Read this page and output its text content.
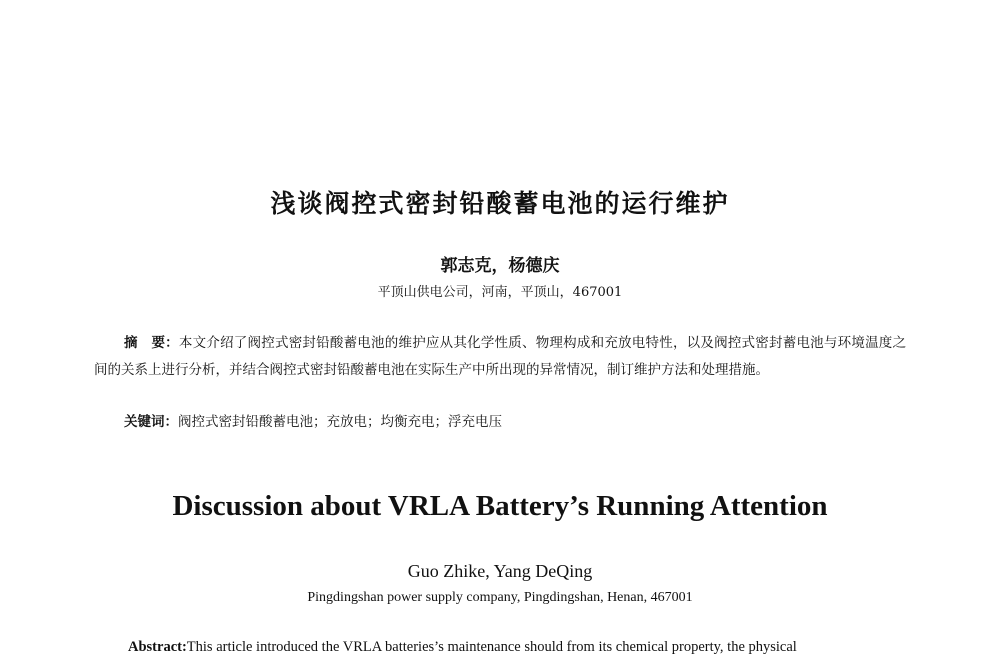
浅谈阀控式密封铅酸蓄电池的运行维护
郭志克，杨德庆
平顶山供电公司，河南，平顶山，467001
摘　要：本文介绍了阀控式密封铅酸蓄电池的维护应从其化学性质、物理构成和充放电特性，以及阀控式密封蓄电池与环境温度之间的关系上进行分析，并结合阀控式密封铅酸蓄电池在实际生产中所出现的异常情况，制订维护方法和处理措施。
关键词：阀控式密封铅酸蓄电池；充放电；均衡充电；浮充电压
Discussion about VRLA Battery’s Running Attention
Guo Zhike, Yang DeQing
Pingdingshan power supply company, Pingdingshan, Henan, 467001
Abstract:This article introduced the VRLA batteries’s maintenance should from its chemical property, the physical
